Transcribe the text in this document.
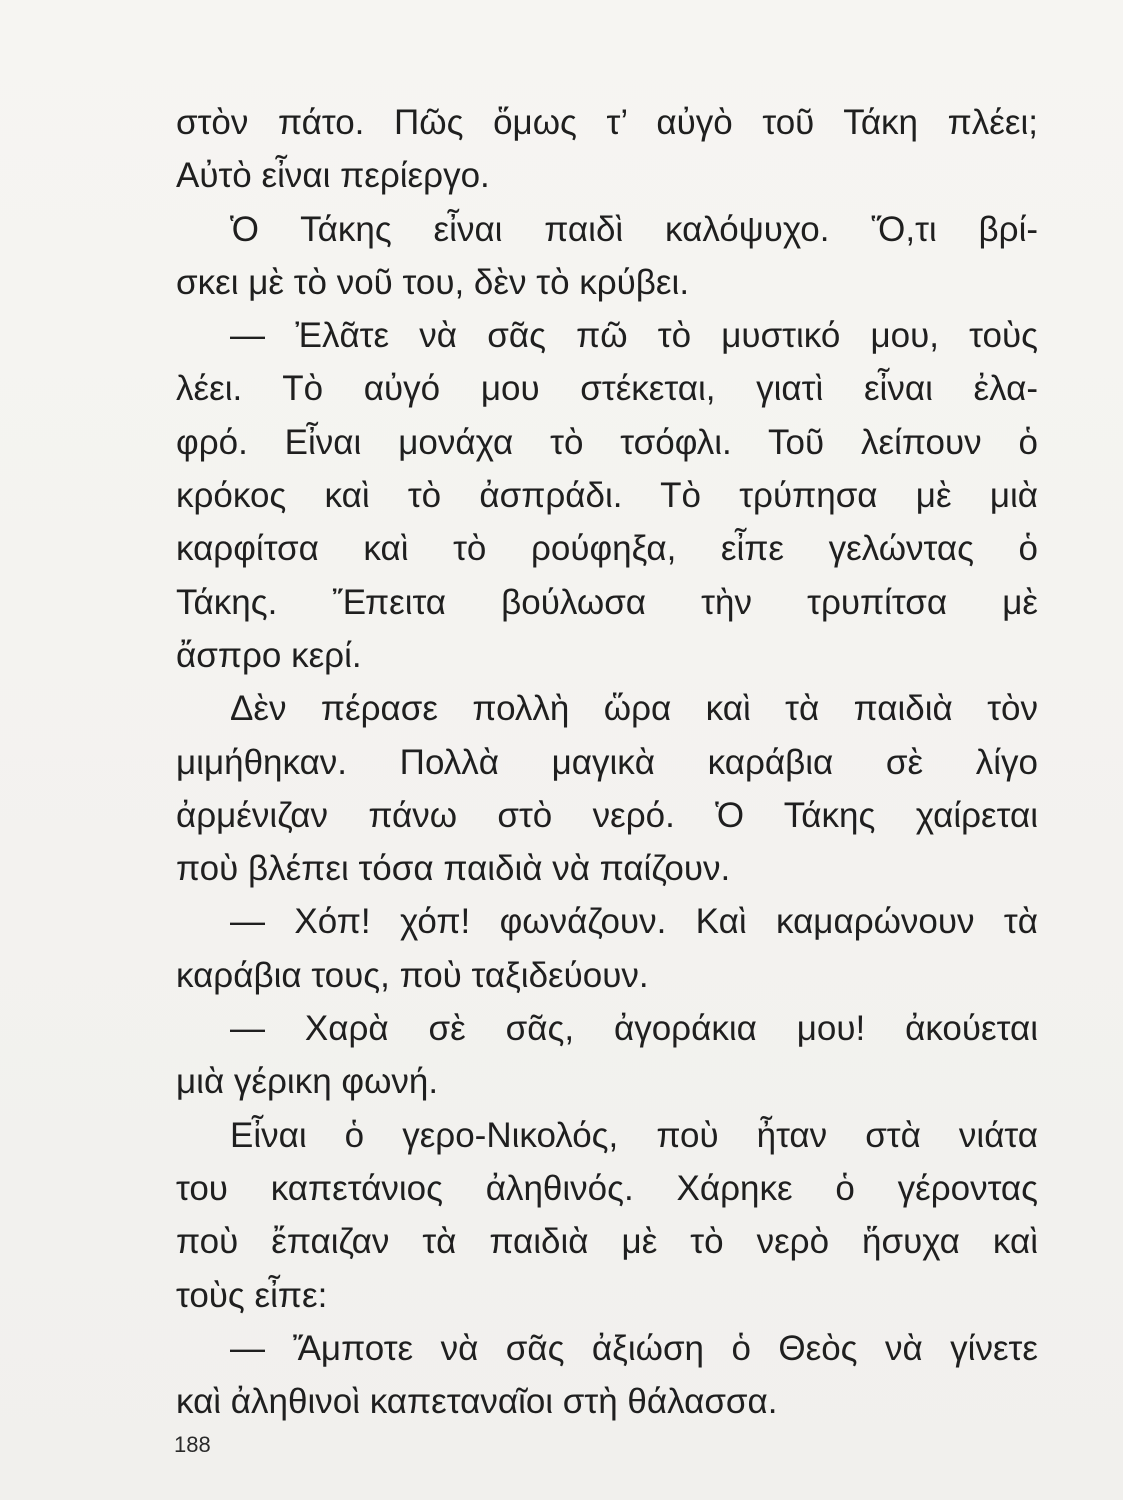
στὸν πάτο. Πῶς ὅμως τ’ αὐγὸ τοῦ Τάκη πλέει;
Αὐτὸ εἶναι περίεργο.
Ὁ Τάκης εἶναι παιδὶ καλόψυχο. Ὅ,τι βρί-
σκει μὲ τὸ νοῦ του, δὲν τὸ κρύβει.
— Ἐλᾶτε νὰ σᾶς πῶ τὸ μυστικό μου, τοὺς
λέει. Τὸ αὐγό μου στέκεται, γιατὶ εἶναι ἐλα-
φρό. Εἶναι μονάχα τὸ τσόφλι. Τοῦ λείπουν ὁ
κρόκος καὶ τὸ ἀσπράδι. Τὸ τρύπησα μὲ μιὰ
καρφίτσα καὶ τὸ ρούφηξα, εἶπε γελώντας ὁ
Τάκης. Ἔπειτα βούλωσα τὴν τρυπίτσα μὲ
ἄσπρο κερί.
Δὲν πέρασε πολλὴ ὥρα καὶ τὰ παιδιὰ τὸν
μιμήθηκαν. Πολλὰ μαγικὰ καράβια σὲ λίγο
ἀρμένιζαν πάνω στὸ νερό. Ὁ Τάκης χαίρεται
ποὺ βλέπει τόσα παιδιὰ νὰ παίζουν.
— Χόπ! χόπ! φωνάζουν. Καὶ καμαρώνουν τὰ
καράβια τους, ποὺ ταξιδεύουν.
— Χαρὰ σὲ σᾶς, ἀγοράκια μου! ἀκούεται
μιὰ γέρικη φωνή.
Εἶναι ὁ γερο-Νικολός, ποὺ ἦταν στὰ νιάτα
του καπετάνιος ἀληθινός. Χάρηκε ὁ γέροντας
ποὺ ἔπαιζαν τὰ παιδιὰ μὲ τὸ νερὸ ἥσυχα καὶ
τοὺς εἶπε:
— Ἄμποτε νὰ σᾶς ἀξιώση ὁ Θεὸς νὰ γίνετε
καὶ ἀληθινοὶ καπεταναῖοι στὴ θάλασσα.
188
